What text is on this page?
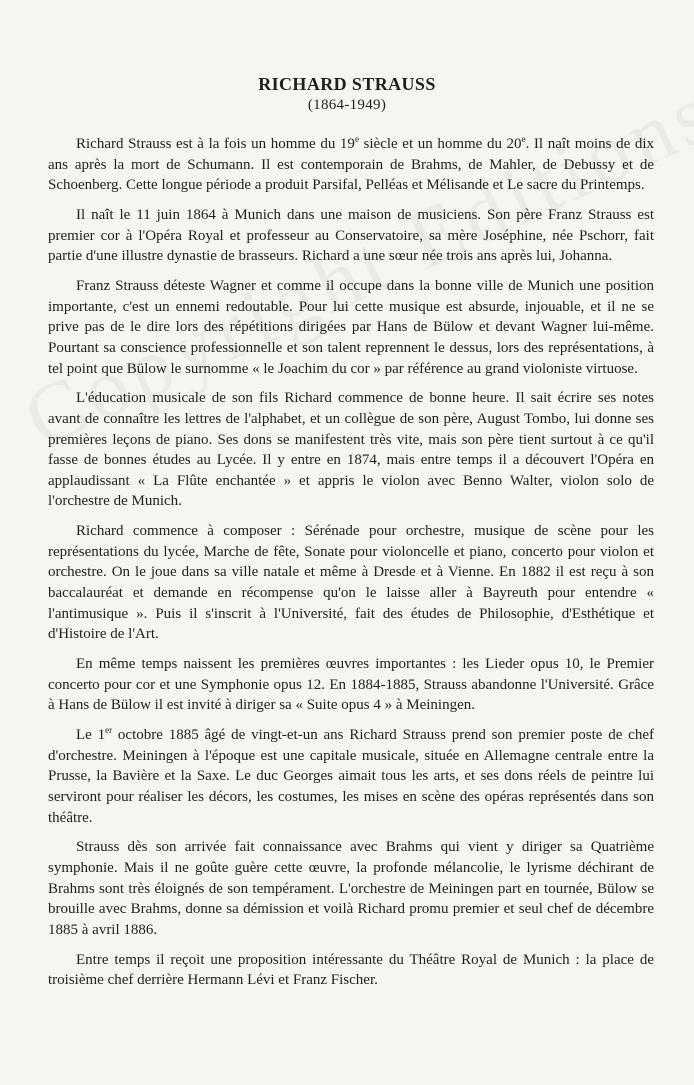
RICHARD STRAUSS
(1864-1949)

Richard Strauss est à la fois un homme du 19e siècle et un homme du 20e. Il naît moins de dix ans après la mort de Schumann. Il est contemporain de Brahms, de Mahler, de Debussy et de Schoenberg. Cette longue période a produit Parsifal, Pelléas et Mélisande et Le sacre du Printemps.

Il naît le 11 juin 1864 à Munich dans une maison de musiciens. Son père Franz Strauss est premier cor à l'Opéra Royal et professeur au Conservatoire, sa mère Joséphine, née Pschorr, fait partie d'une illustre dynastie de brasseurs. Richard a une sœur née trois ans après lui, Johanna.

Franz Strauss déteste Wagner et comme il occupe dans la bonne ville de Munich une position importante, c'est un ennemi redoutable. Pour lui cette musique est absurde, injouable, et il ne se prive pas de le dire lors des répétitions dirigées par Hans de Bülow et devant Wagner lui-même. Pourtant sa conscience professionnelle et son talent reprennent le dessus, lors des représentations, à tel point que Bülow le surnomme « le Joachim du cor » par référence au grand violoniste virtuose.

L'éducation musicale de son fils Richard commence de bonne heure. Il sait écrire ses notes avant de connaître les lettres de l'alphabet, et un collègue de son père, August Tombo, lui donne ses premières leçons de piano. Ses dons se manifestent très vite, mais son père tient surtout à ce qu'il fasse de bonnes études au Lycée. Il y entre en 1874, mais entre temps il a découvert l'Opéra en applaudissant « La Flûte enchantée » et appris le violon avec Benno Walter, violon solo de l'orchestre de Munich.

Richard commence à composer : Sérénade pour orchestre, musique de scène pour les représentations du lycée, Marche de fête, Sonate pour violoncelle et piano, concerto pour violon et orchestre. On le joue dans sa ville natale et même à Dresde et à Vienne. En 1882 il est reçu à son baccalauréat et demande en récompense qu'on le laisse aller à Bayreuth pour entendre « l'antimusique ». Puis il s'inscrit à l'Université, fait des études de Philosophie, d'Esthétique et d'Histoire de l'Art.

En même temps naissent les premières œuvres importantes : les Lieder opus 10, le Premier concerto pour cor et une Symphonie opus 12. En 1884-1885, Strauss abandonne l'Université. Grâce à Hans de Bülow il est invité à diriger sa « Suite opus 4 » à Meiningen.

Le 1er octobre 1885 âgé de vingt-et-un ans Richard Strauss prend son premier poste de chef d'orchestre. Meiningen à l'époque est une capitale musicale, située en Allemagne centrale entre la Prusse, la Bavière et la Saxe. Le duc Georges aimait tous les arts, et ses dons réels de peintre lui serviront pour réaliser les décors, les costumes, les mises en scène des opéras représentés dans son théâtre.

Strauss dès son arrivée fait connaissance avec Brahms qui vient y diriger sa Quatrième symphonie. Mais il ne goûte guère cette œuvre, la profonde mélancolie, le lyrisme déchirant de Brahms sont très éloignés de son tempérament. L'orchestre de Meiningen part en tournée, Bülow se brouille avec Brahms, donne sa démission et voilà Richard promu premier et seul chef de décembre 1885 à avril 1886.

Entre temps il reçoit une proposition intéressante du Théâtre Royal de Munich : la place de troisième chef derrière Hermann Lévi et Franz Fischer.
